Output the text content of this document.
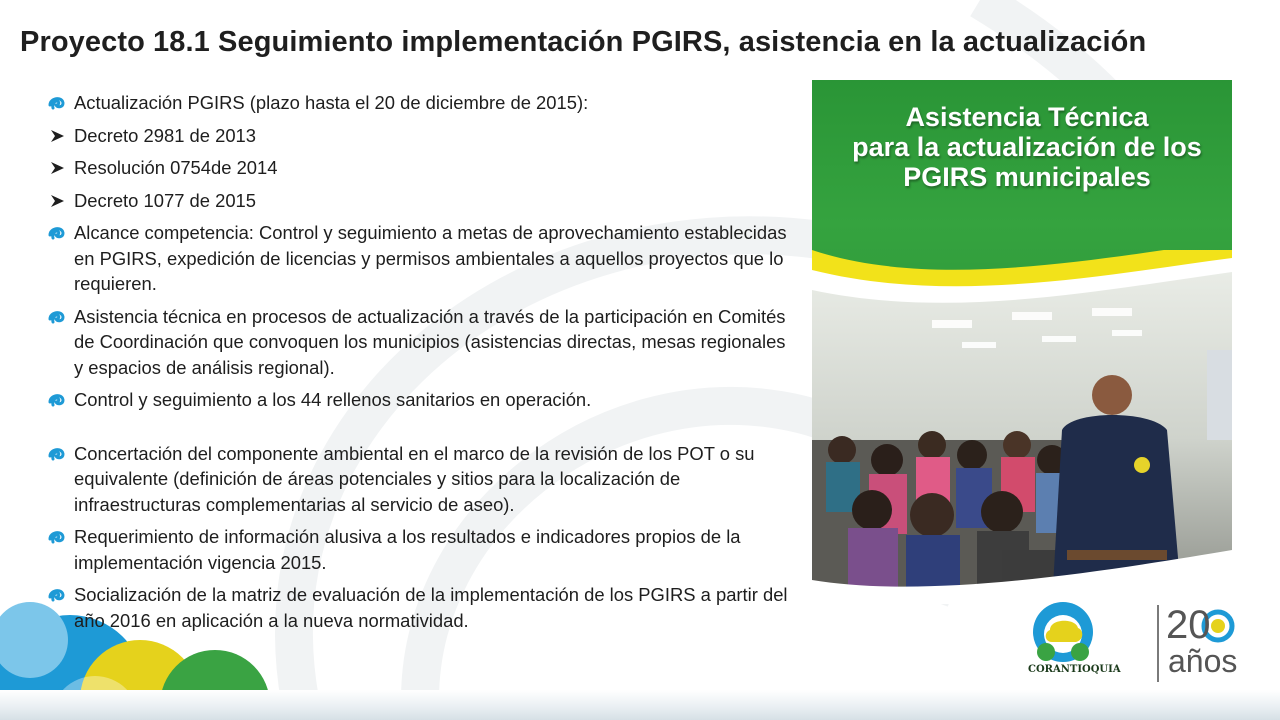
Proyecto 18.1 Seguimiento implementación PGIRS, asistencia en la actualización
Actualización PGIRS (plazo hasta el 20 de diciembre de 2015):
Decreto 2981 de 2013
Resolución 0754de 2014
Decreto 1077 de 2015
Alcance competencia: Control y seguimiento a metas de aprovechamiento establecidas en PGIRS, expedición de licencias y permisos ambientales a aquellos proyectos que lo requieren.
Asistencia técnica en procesos de actualización a través de la participación en Comités de Coordinación que convoquen los municipios (asistencias directas, mesas regionales y espacios de análisis regional).
Control y seguimiento a los 44 rellenos sanitarios en operación.
Concertación del componente ambiental en el marco de la revisión de los POT o su equivalente (definición de áreas potenciales y sitios para la localización de infraestructuras complementarias al servicio de aseo).
Requerimiento de información alusiva a los resultados e indicadores propios de la implementación vigencia 2015.
Socialización de la matriz de evaluación de la implementación de los PGIRS a partir del año 2016 en aplicación a la nueva normatividad.
Asistencia Técnica
para la actualización de los
PGIRS municipales
CORANTIOQUIA
20
años
